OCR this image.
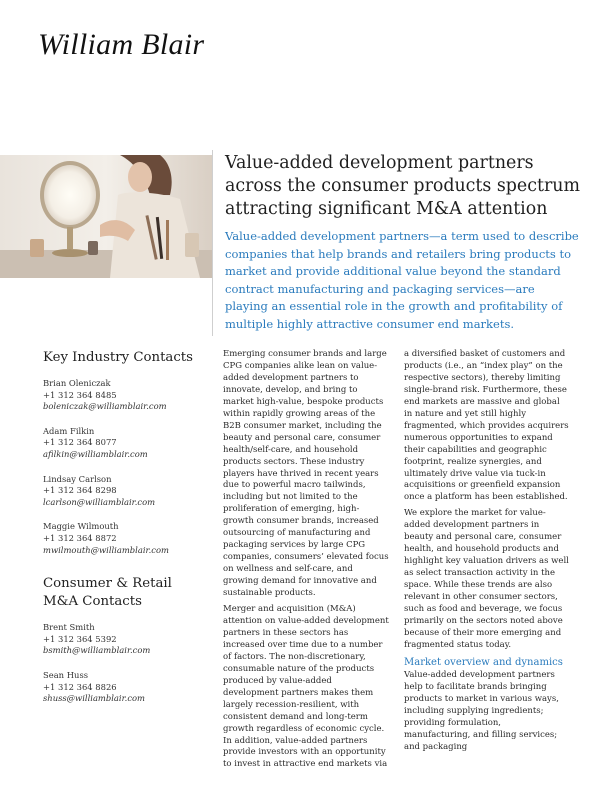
William Blair
Value-added development partners across the consumer products spectrum attracting significant M&A attention
Value-added development partners—a term used to describe companies that help brands and retailers bring products to market and provide additional value beyond the standard contract manufacturing and packaging services—are playing an essential role in the growth and profitability of multiple highly attractive consumer end markets.
Key Industry Contacts
Brian Oleniczak
+1 312 364 8485
boleniczak@williamblair.com
Adam Filkin
+1 312 364 8077
afilkin@williamblair.com
Lindsay Carlson
+1 312 364 8298
lcarlson@williamblair.com
Maggie Wilmouth
+1 312 364 8872
mwilmouth@williamblair.com
Consumer & Retail M&A Contacts
Brent Smith
+1 312 364 5392
bsmith@williamblair.com
Sean Huss
+1 312 364 8826
shuss@williamblair.com

Emerging consumer brands and large CPG companies alike lean on value-added development partners to innovate, develop, and bring to market high-value, bespoke products within rapidly growing areas of the B2B consumer market, including the beauty and personal care, consumer health/self-care, and household products sectors. These industry players have thrived in recent years due to powerful macro tailwinds, including but not limited to the proliferation of emerging, high-growth consumer brands, increased outsourcing of manufacturing and packaging services by large CPG companies, consumers’ elevated focus on wellness and self-care, and growing demand for innovative and sustainable products.

Merger and acquisition (M&A) attention on value-added development partners in these sectors has increased over time due to a number of factors. The non-discretionary, consumable nature of the products produced by value-added development partners makes them largely recession-resilient, with consistent demand and long-term growth regardless of economic cycle. In addition, value-added partners provide investors with an opportunity to invest in attractive end markets via

a diversified basket of customers and products (i.e., an “index play” on the respective sectors), thereby limiting single-brand risk. Furthermore, these end markets are massive and global in nature and yet still highly fragmented, which provides acquirers numerous opportunities to expand their capabilities and geographic footprint, realize synergies, and ultimately drive value via tuck-in acquisitions or greenfield expansion once a platform has been established.

We explore the market for value-added development partners in beauty and personal care, consumer health, and household products and highlight key valuation drivers as well as select transaction activity in the space. While these trends are also relevant in other consumer sectors, such as food and beverage, we focus primarily on the sectors noted above because of their more emerging and fragmented status today.

Market overview and dynamics

Value-added development partners help to facilitate brands bringing products to market in various ways, including supplying ingredients; providing formulation, manufacturing, and filling services; and packaging
